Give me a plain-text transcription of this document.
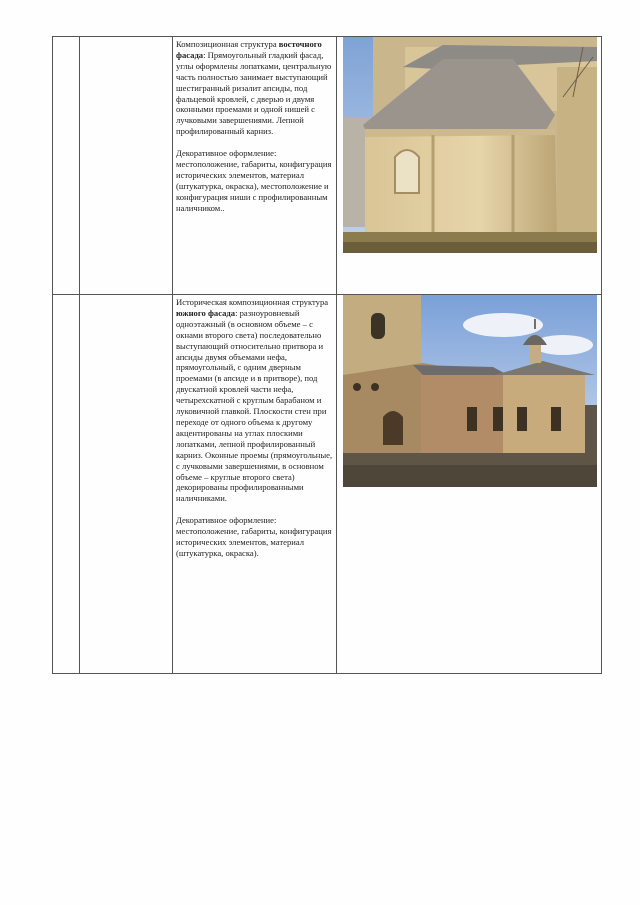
		Композиционная структура восточного фасада: Прямоугольный гладкий фасад, углы оформлены лопатками, центральную часть полностью занимает выступающий шестигранный ризалит апсиды, под фальцевой кровлей, с дверью и двумя оконными проемами и одной нишей с лучковыми завершениями. Лепной профилированный карниз.

Декоративное оформление: местоположение, габариты, конфигурация исторических элементов, материал (штукатурка, окраска), местоположение и конфигурация ниши с профилированным наличником..

		Историческая композиционная структура южного фасада: разноуровневый одноэтажный (в основном объеме – с окнами второго света) последовательно выступающий относительно притвора и апсиды двумя объемами нефа, прямоугольный, с одним дверным проемами (в апсиде и в притворе), под двускатной кровлей части нефа, четырехскатной с круглым барабаном и луковичной главкой. Плоскости стен при переходе от одного объема к другому акцентированы на углах плоскими лопатками, лепной профилированный карниз. Оконные проемы (прямоугольные, с лучковыми завершениями, в основном объеме – круглые второго света) декорированы профилированными наличниками.

Декоративное оформление: местоположение, габариты, конфигурация исторических элементов, материал (штукатурка, окраска).
